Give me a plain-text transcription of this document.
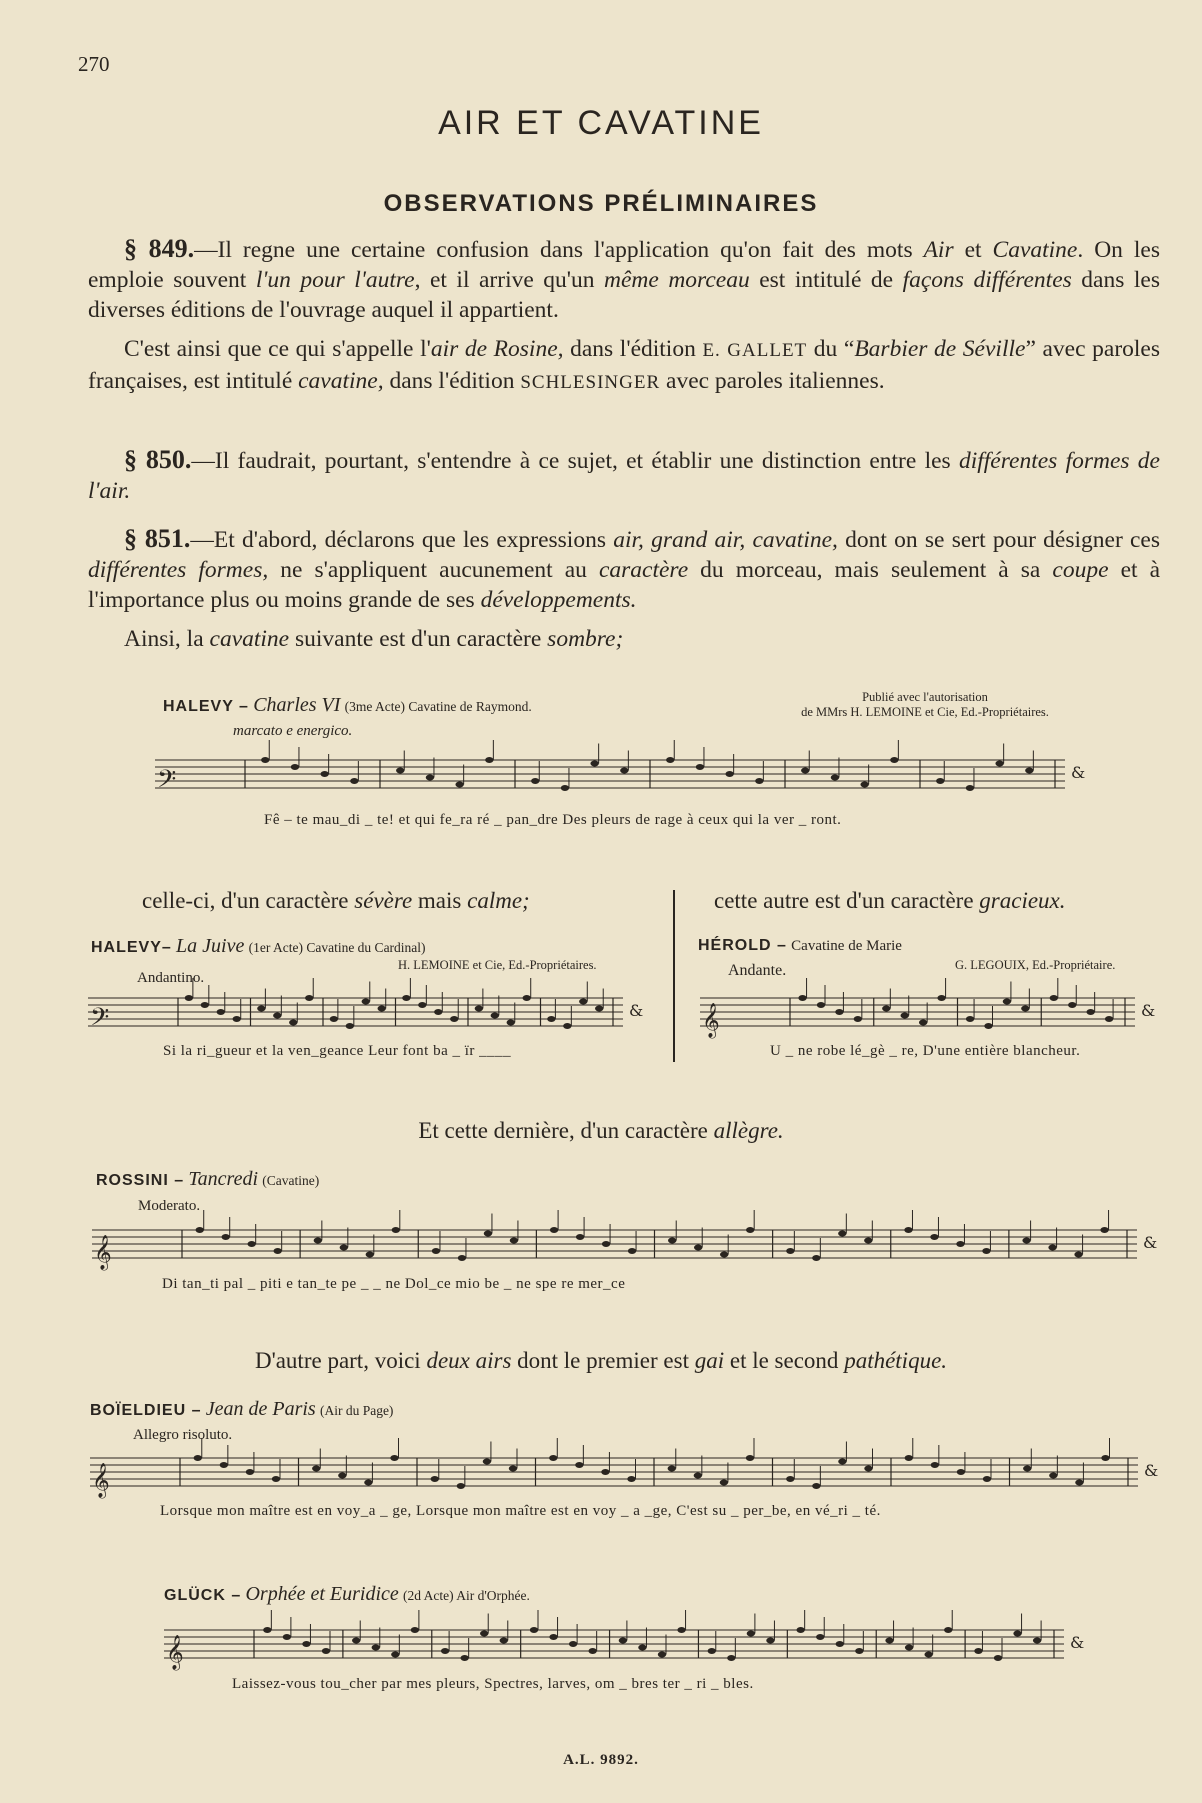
270
AIR ET CAVATINE
OBSERVATIONS PRÉLIMINAIRES
§ 849.—Il regne une certaine confusion dans l'application qu'on fait des mots Air et Cavatine. On les emploie souvent l'un pour l'autre, et il arrive qu'un même morceau est intitulé de façons différentes dans les diverses éditions de l'ouvrage auquel il appartient.
C'est ainsi que ce qui s'appelle l'air de Rosine, dans l'édition E. GALLET du “Barbier de Séville” avec paroles françaises, est intitulé cavatine, dans l'édition SCHLESINGER avec paroles italiennes.
§ 850.—Il faudrait, pourtant, s'entendre à ce sujet, et établir une distinction entre les différentes formes de l'air.
§ 851.—Et d'abord, déclarons que les expressions air, grand air, cavatine, dont on se sert pour désigner ces différentes formes, ne s'appliquent aucunement au caractère du morceau, mais seulement à sa coupe et à l'importance plus ou moins grande de ses développements.
Ainsi, la cavatine suivante est d'un caractère sombre;
HALEVY – Charles VI (3me Acte) Cavatine de Raymond.
Publié avec l'autorisation
de MMrs H. LEMOINE et Cie, Ed.-Propriétaires.
marcato e energico.
𝄢	&
Fê – te mau_di _ te! et qui fe_ra ré _ pan_dre Des pleurs de rage à ceux qui la ver _ ront.
celle-ci, d'un caractère sévère mais calme;	cette autre est d'un caractère gracieux.
HALEVY– La Juive (1er Acte) Cavatine du Cardinal)
H. LEMOINE et Cie, Ed.-Propriétaires.
Andantino.
𝄢	&
Si la ri_gueur et la ven_geance Leur font ba _ ïr ____
HÉROLD – Cavatine de Marie
G. LEGOUIX, Ed.-Propriétaire.
Andante.
𝄞	&
U _ ne robe lé_gè _ re, D'une entière blancheur.
Et cette dernière, d'un caractère allègre.
ROSSINI – Tancredi (Cavatine)
Moderato.
𝄞	&
Di tan_ti pal _ piti e tan_te pe _ _ ne Dol_ce mio be _ ne spe re mer_ce
D'autre part, voici deux airs dont le premier est gai et le second pathétique.
BOÏELDIEU – Jean de Paris (Air du Page)
Allegro risoluto.
𝄞	&
Lorsque mon maître est en voy_a _ ge, Lorsque mon maître est en voy _ a _ge, C'est su _ per_be, en vé_ri _ té.
GLÜCK – Orphée et Euridice (2d Acte) Air d'Orphée.
𝄞	&
Laissez-vous tou_cher par mes pleurs, Spectres, larves, om _ bres ter _ ri _ bles.
A.L. 9892.
